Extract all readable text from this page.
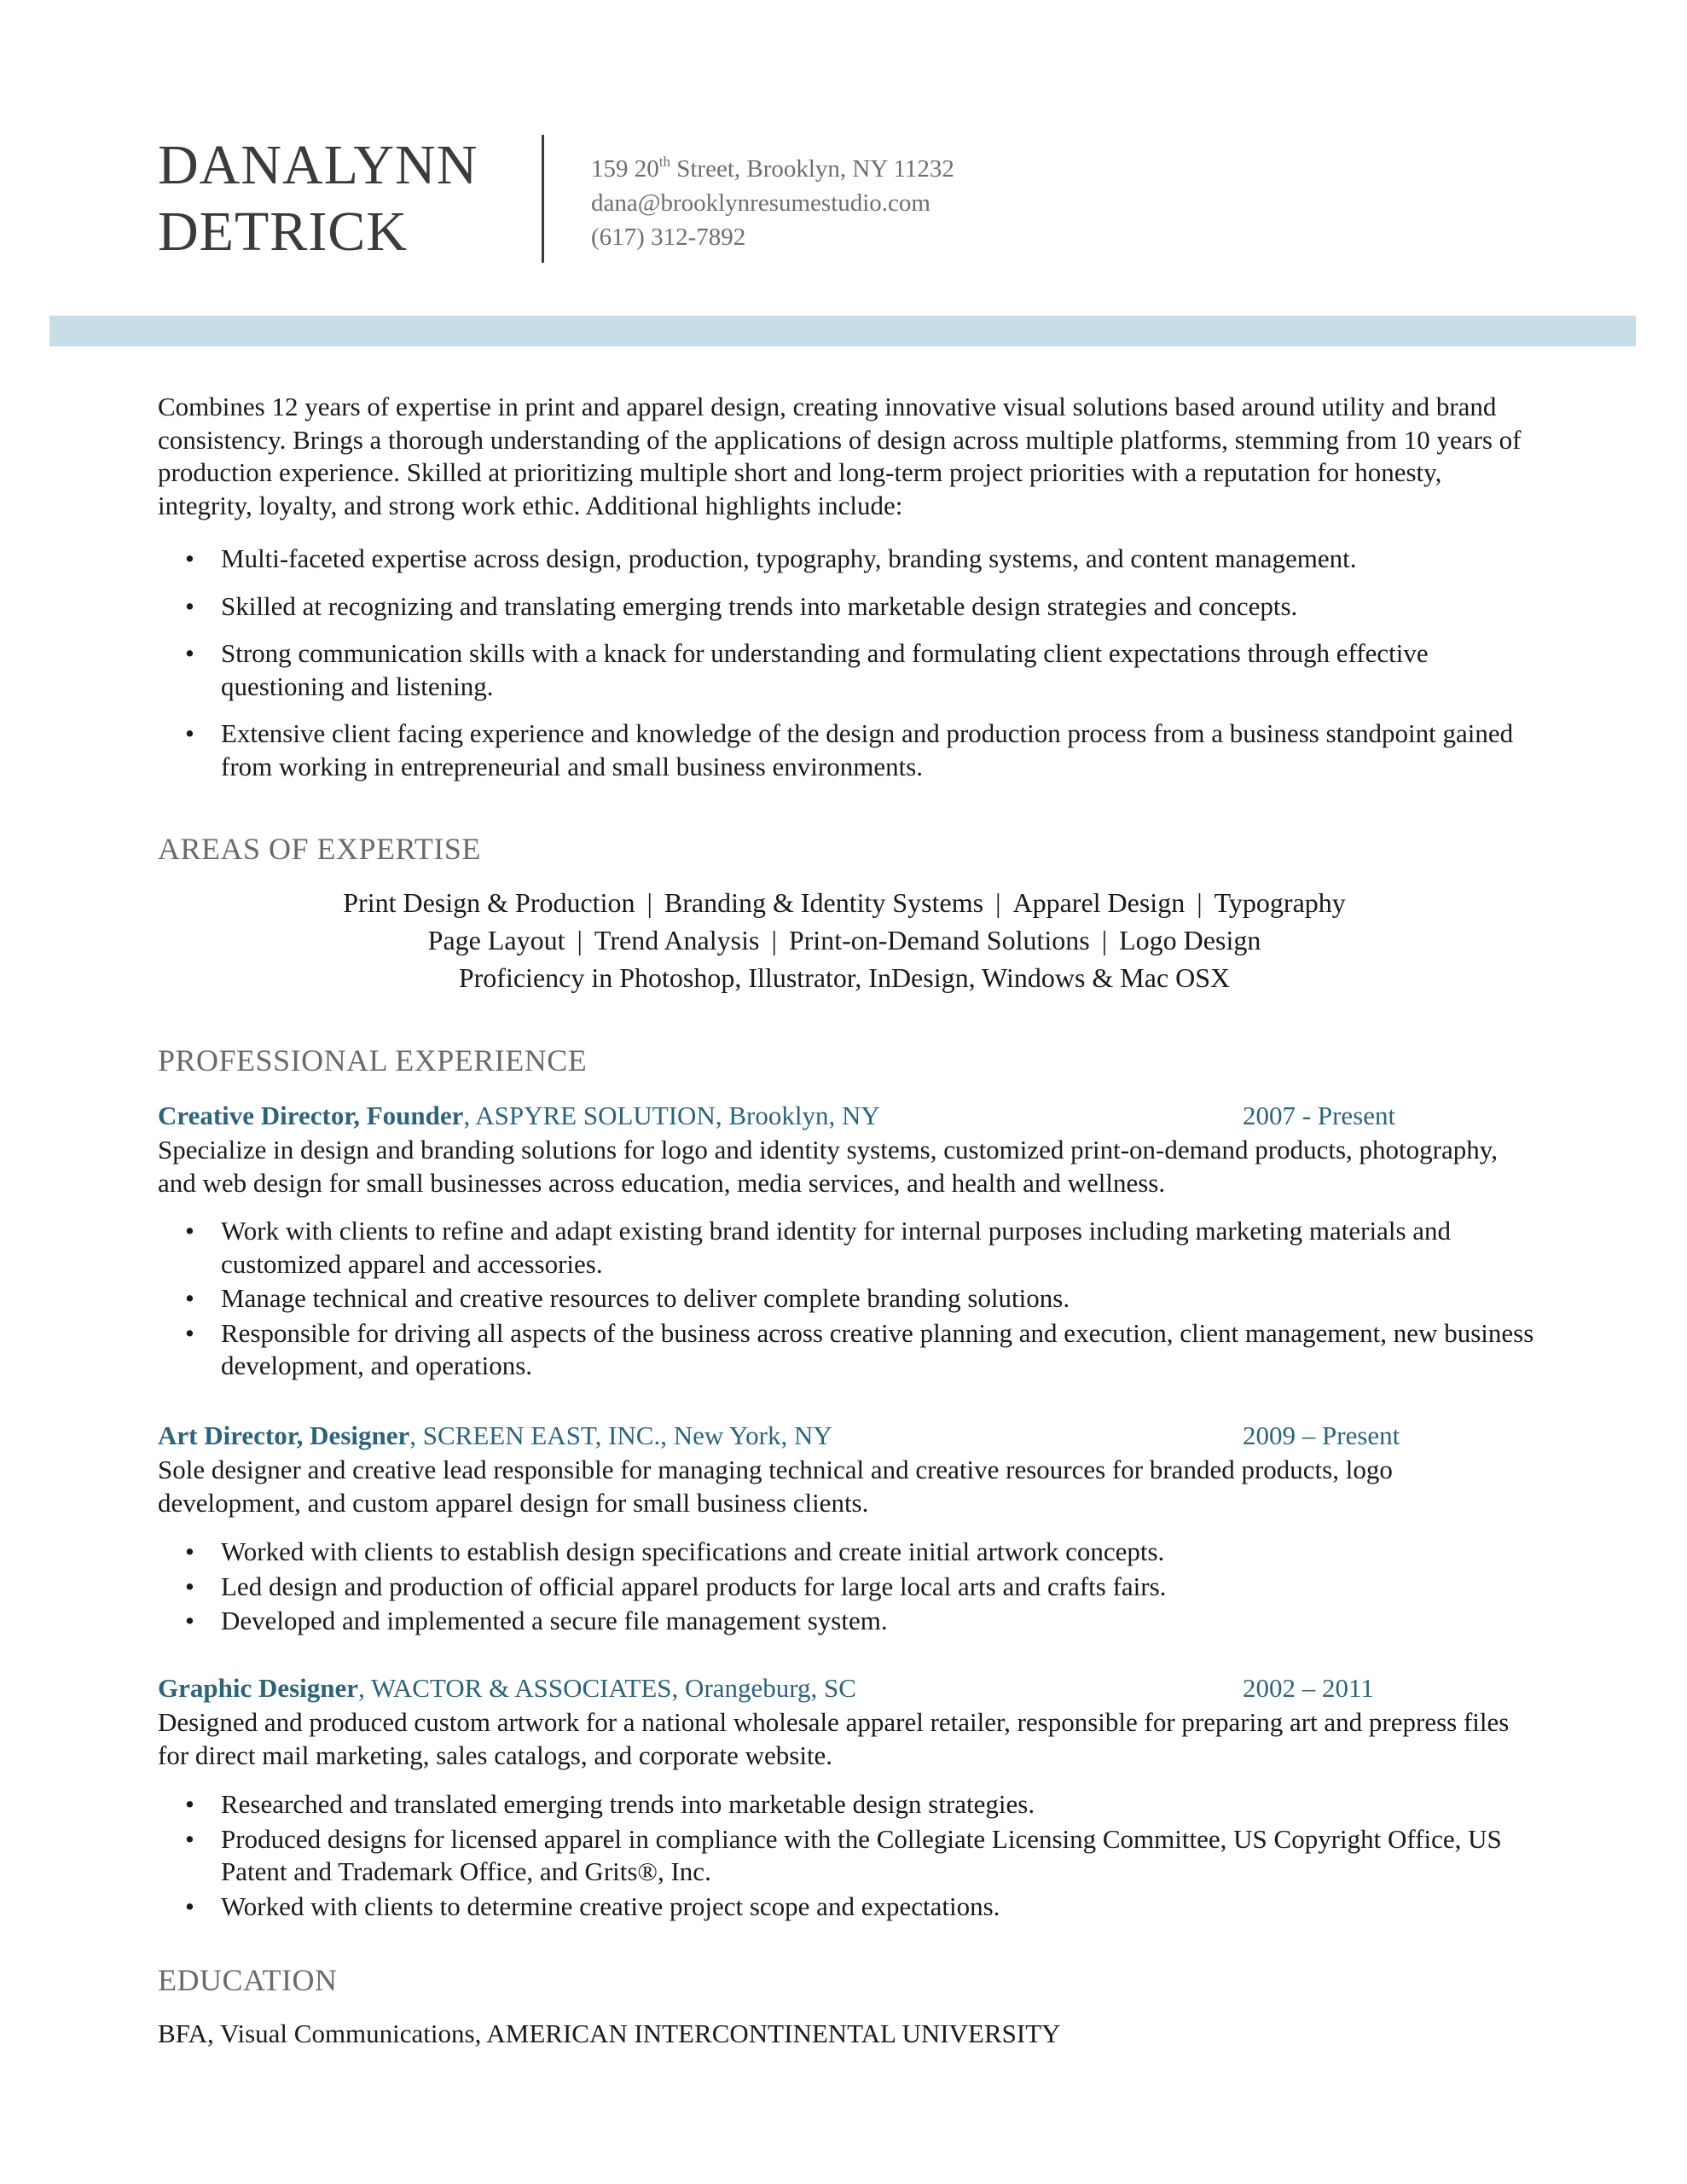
DANALYNN
DETRICK
159 20th Street, Brooklyn, NY 11232
dana@brooklynresumestudio.com
(617) 312-7892
Combines 12 years of expertise in print and apparel design, creating innovative visual solutions based around utility and brand consistency. Brings a thorough understanding of the applications of design across multiple platforms, stemming from 10 years of production experience. Skilled at prioritizing multiple short and long-term project priorities with a reputation for honesty, integrity, loyalty, and strong work ethic. Additional highlights include:
• Multi-faceted expertise across design, production, typography, branding systems, and content management.
• Skilled at recognizing and translating emerging trends into marketable design strategies and concepts.
• Strong communication skills with a knack for understanding and formulating client expectations through effective questioning and listening.
• Extensive client facing experience and knowledge of the design and production process from a business standpoint gained from working in entrepreneurial and small business environments.
AREAS OF EXPERTISE
Print Design & Production | Branding & Identity Systems | Apparel Design | Typography
Page Layout | Trend Analysis | Print-on-Demand Solutions | Logo Design
Proficiency in Photoshop, Illustrator, InDesign, Windows & Mac OSX
PROFESSIONAL EXPERIENCE
Creative Director, Founder, ASPYRE SOLUTION, Brooklyn, NY	2007 - Present
Specialize in design and branding solutions for logo and identity systems, customized print-on-demand products, photography, and web design for small businesses across education, media services, and health and wellness.
• Work with clients to refine and adapt existing brand identity for internal purposes including marketing materials and customized apparel and accessories.
• Manage technical and creative resources to deliver complete branding solutions.
• Responsible for driving all aspects of the business across creative planning and execution, client management, new business development, and operations.
Art Director, Designer, SCREEN EAST, INC., New York, NY	2009 – Present
Sole designer and creative lead responsible for managing technical and creative resources for branded products, logo development, and custom apparel design for small business clients.
• Worked with clients to establish design specifications and create initial artwork concepts.
• Led design and production of official apparel products for large local arts and crafts fairs.
• Developed and implemented a secure file management system.
Graphic Designer, WACTOR & ASSOCIATES, Orangeburg, SC	2002 – 2011
Designed and produced custom artwork for a national wholesale apparel retailer, responsible for preparing art and prepress files for direct mail marketing, sales catalogs, and corporate website.
• Researched and translated emerging trends into marketable design strategies.
• Produced designs for licensed apparel in compliance with the Collegiate Licensing Committee, US Copyright Office, US Patent and Trademark Office, and Grits®, Inc.
• Worked with clients to determine creative project scope and expectations.
EDUCATION
BFA, Visual Communications, AMERICAN INTERCONTINENTAL UNIVERSITY
